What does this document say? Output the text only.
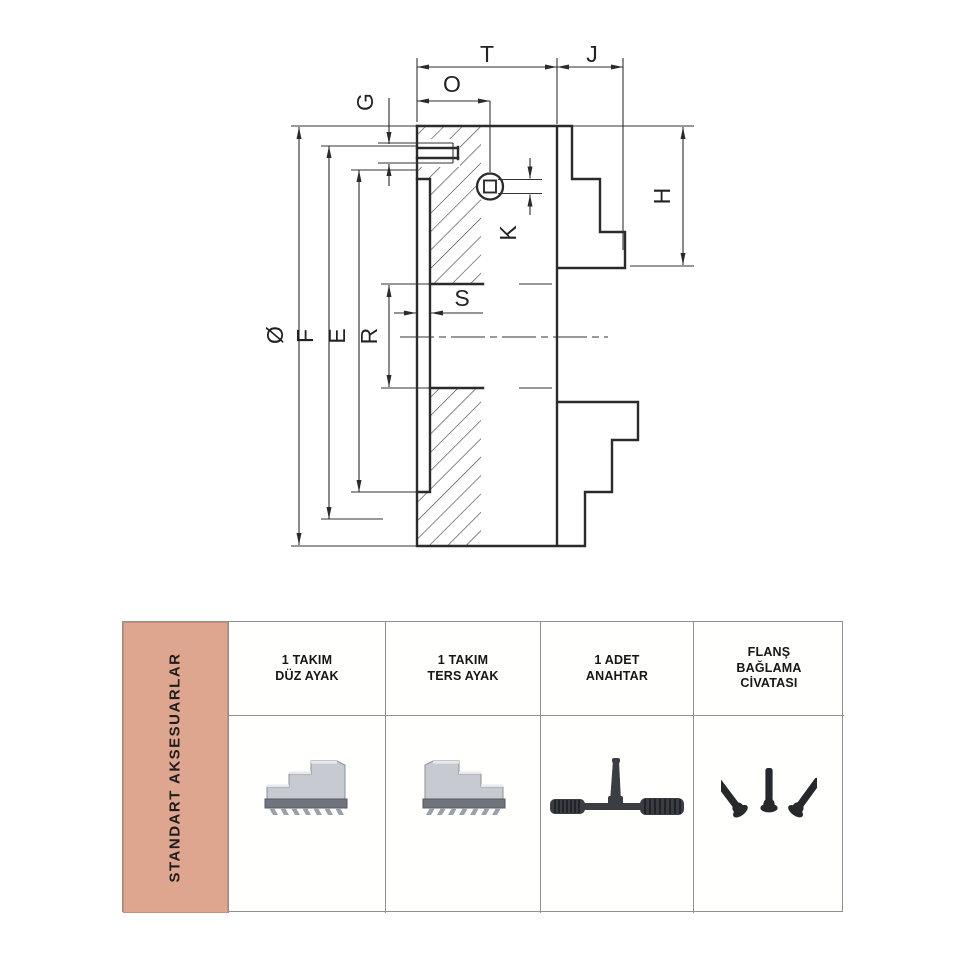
T	J
O
S
G
H
K
R
E
F
Ø
STANDART AKSESUARLAR	1 TAKIM
DÜZ AYAK
1 TAKIM
TERS AYAK
1 ADET
ANAHTAR
FLANŞ
BAĞLAMA
CİVATASI
